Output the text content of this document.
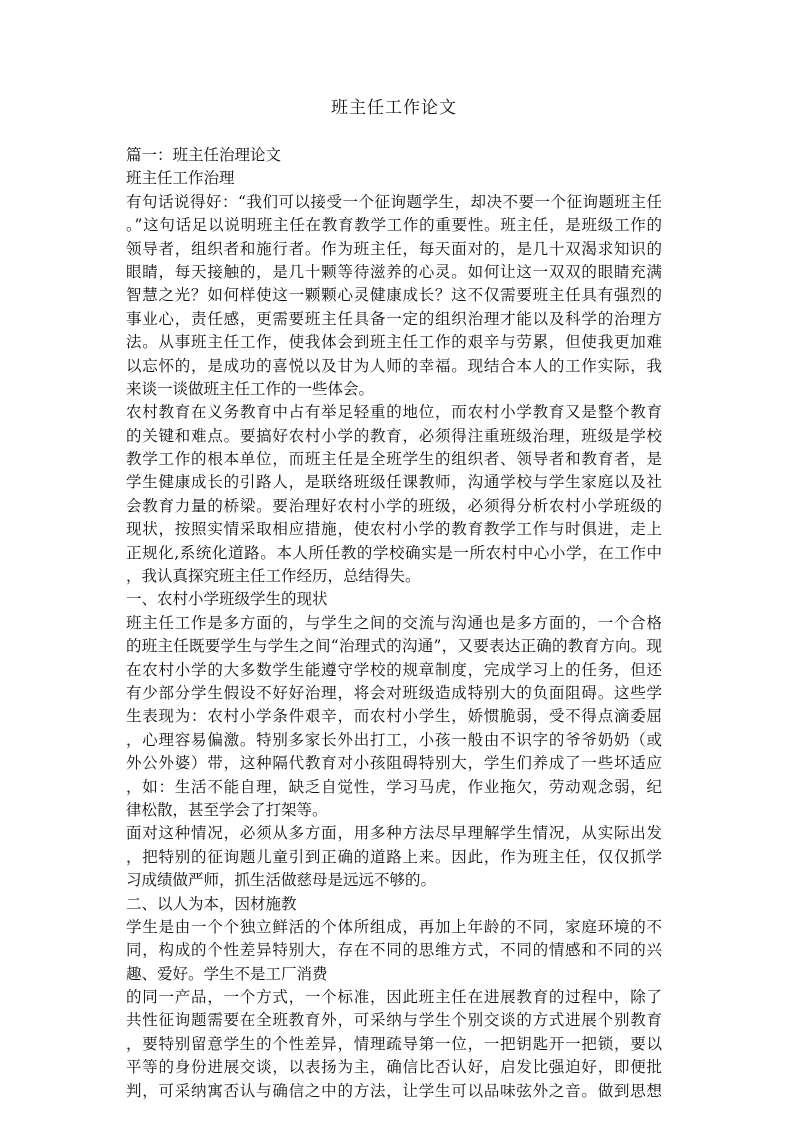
班主任工作论文
篇一：班主任治理论文
班主任工作治理
有句话说得好：“我们可以接受一个征询题学生，却决不要一个征询题班主任
。”这句话足以说明班主任在教育教学工作的重要性。班主任，是班级工作的
领导者，组织者和施行者。作为班主任，每天面对的，是几十双渴求知识的
眼睛，每天接触的，是几十颗等待滋养的心灵。如何让这一双双的眼睛充满
智慧之光？如何样使这一颗颗心灵健康成长？这不仅需要班主任具有强烈的
事业心，责任感，更需要班主任具备一定的组织治理才能以及科学的治理方
法。从事班主任工作，使我体会到班主任工作的艰辛与劳累，但使我更加难
以忘怀的，是成功的喜悦以及甘为人师的幸福。现结合本人的工作实际，我
来谈一谈做班主任工作的一些体会。
农村教育在义务教育中占有举足轻重的地位，而农村小学教育又是整个教育
的关键和难点。要搞好农村小学的教育，必须得注重班级治理，班级是学校
教学工作的根本单位，而班主任是全班学生的组织者、领导者和教育者，是
学生健康成长的引路人，是联络班级任课教师，沟通学校与学生家庭以及社
会教育力量的桥梁。要治理好农村小学的班级，必须得分析农村小学班级的
现状，按照实情采取相应措施，使农村小学的教育教学工作与时俱进，走上
正规化,系统化道路。本人所任教的学校确实是一所农村中心小学，在工作中
，我认真探究班主任工作经历，总结得失。
一、农村小学班级学生的现状
班主任工作是多方面的，与学生之间的交流与沟通也是多方面的，一个合格
的班主任既要学生与学生之间“治理式的沟通”，又要表达正确的教育方向。现
在农村小学的大多数学生能遵守学校的规章制度，完成学习上的任务，但还
有少部分学生假设不好好治理，将会对班级造成特别大的负面阻碍。这些学
生表现为：农村小学条件艰辛，而农村小学生，娇惯脆弱，受不得点滴委屈
，心理容易偏激。特别多家长外出打工，小孩一般由不识字的爷爷奶奶（或
外公外婆）带，这种隔代教育对小孩阻碍特别大，学生们养成了一些坏适应
，如：生活不能自理，缺乏自觉性，学习马虎，作业拖欠，劳动观念弱，纪
律松散，甚至学会了打架等。
面对这种情况，必须从多方面，用多种方法尽早理解学生情况，从实际出发
，把特别的征询题儿童引到正确的道路上来。因此，作为班主任，仅仅抓学
习成绩做严师，抓生活做慈母是远远不够的。
二、以人为本，因材施教
学生是由一个个独立鲜活的个体所组成，再加上年龄的不同，家庭环境的不
同，构成的个性差异特别大，存在不同的思维方式，不同的情感和不同的兴
趣、爱好。学生不是工厂消费
的同一产品，一个方式，一个标准，因此班主任在进展教育的过程中，除了
共性征询题需要在全班教育外，可采纳与学生个别交谈的方式进展个别教育
，要特别留意学生的个性差异，情理疏导第一位，一把钥匙开一把锁，要以
平等的身份进展交谈，以表扬为主，确信比否认好，启发比强迫好，即便批
判，可采纳寓否认与确信之中的方法，让学生可以品味弦外之音。做到思想
